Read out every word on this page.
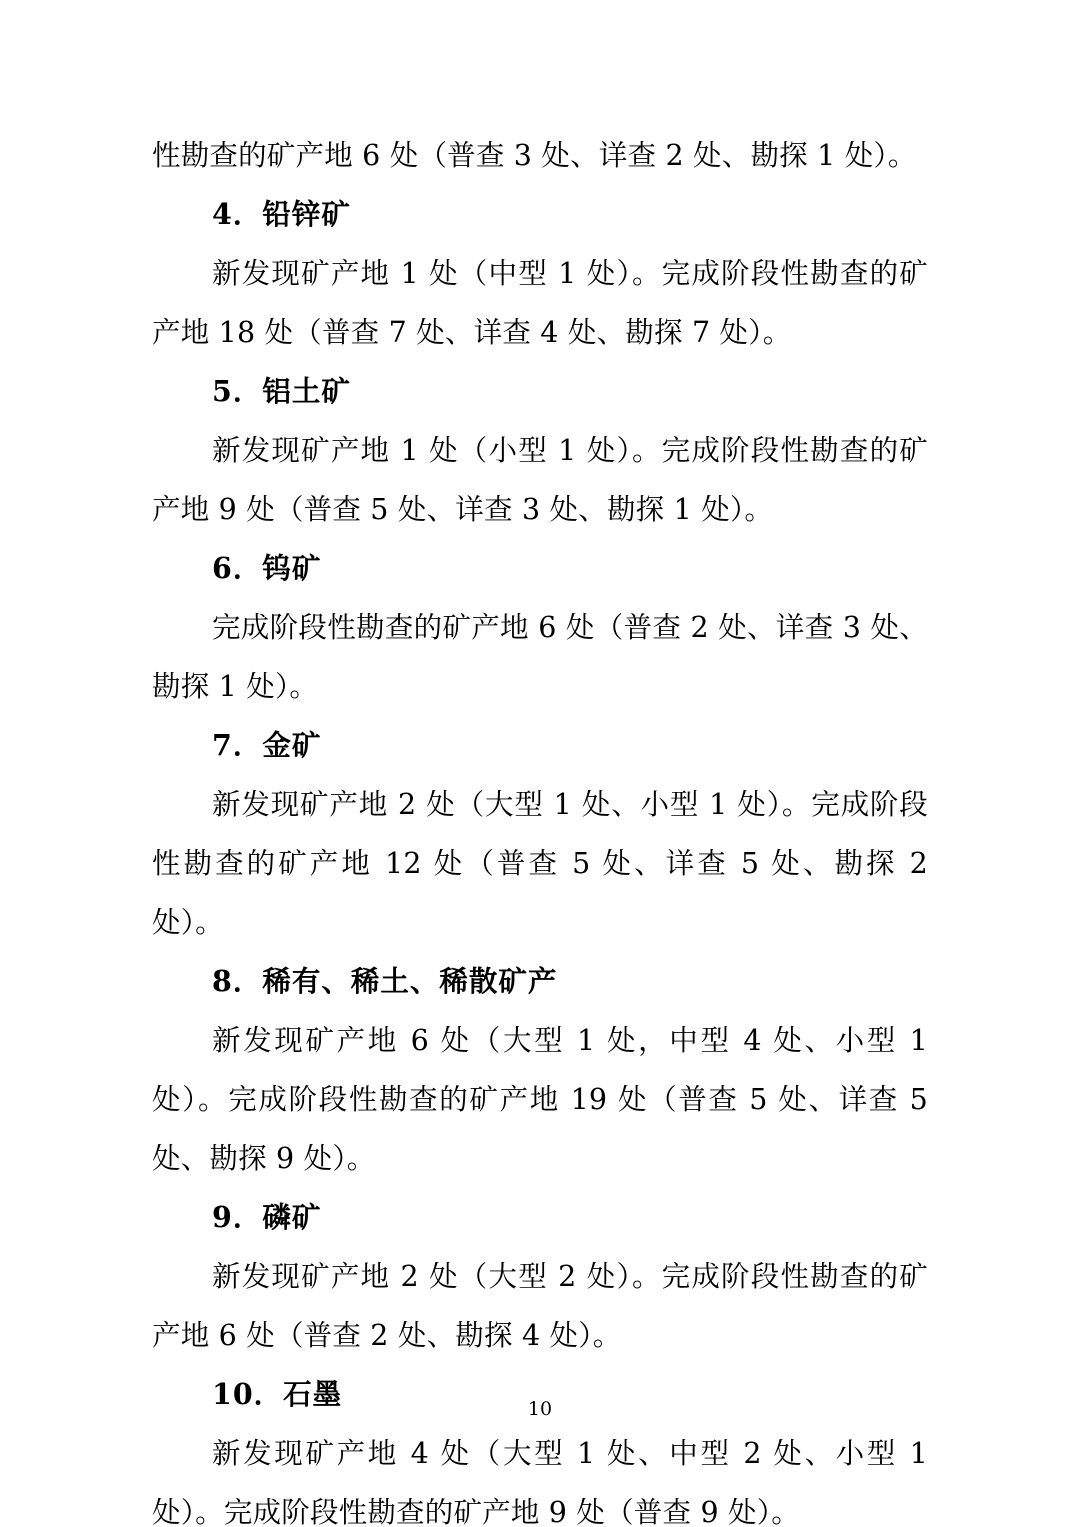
性勘查的矿产地 6 处（普查 3 处、详查 2 处、勘探 1 处）。

4．铅锌矿

新发现矿产地 1 处（中型 1 处）。完成阶段性勘查的矿产地 18 处（普查 7 处、详查 4 处、勘探 7 处）。

5．铝土矿

新发现矿产地 1 处（小型 1 处）。完成阶段性勘查的矿产地 9 处（普查 5 处、详查 3 处、勘探 1 处）。

6．钨矿

完成阶段性勘查的矿产地 6 处（普查 2 处、详查 3 处、勘探 1 处）。

7．金矿

新发现矿产地 2 处（大型 1 处、小型 1 处）。完成阶段性勘查的矿产地 12 处（普查 5 处、详查 5 处、勘探 2 处）。

8．稀有、稀土、稀散矿产

新发现矿产地 6 处（大型 1 处，中型 4 处、小型 1 处）。完成阶段性勘查的矿产地 19 处（普查 5 处、详查 5 处、勘探 9 处）。

9．磷矿

新发现矿产地 2 处（大型 2 处）。完成阶段性勘查的矿产地 6 处（普查 2 处、勘探 4 处）。

10．石墨

新发现矿产地 4 处（大型 1 处、中型 2 处、小型 1 处）。完成阶段性勘查的矿产地 9 处（普查 9 处）。

10
